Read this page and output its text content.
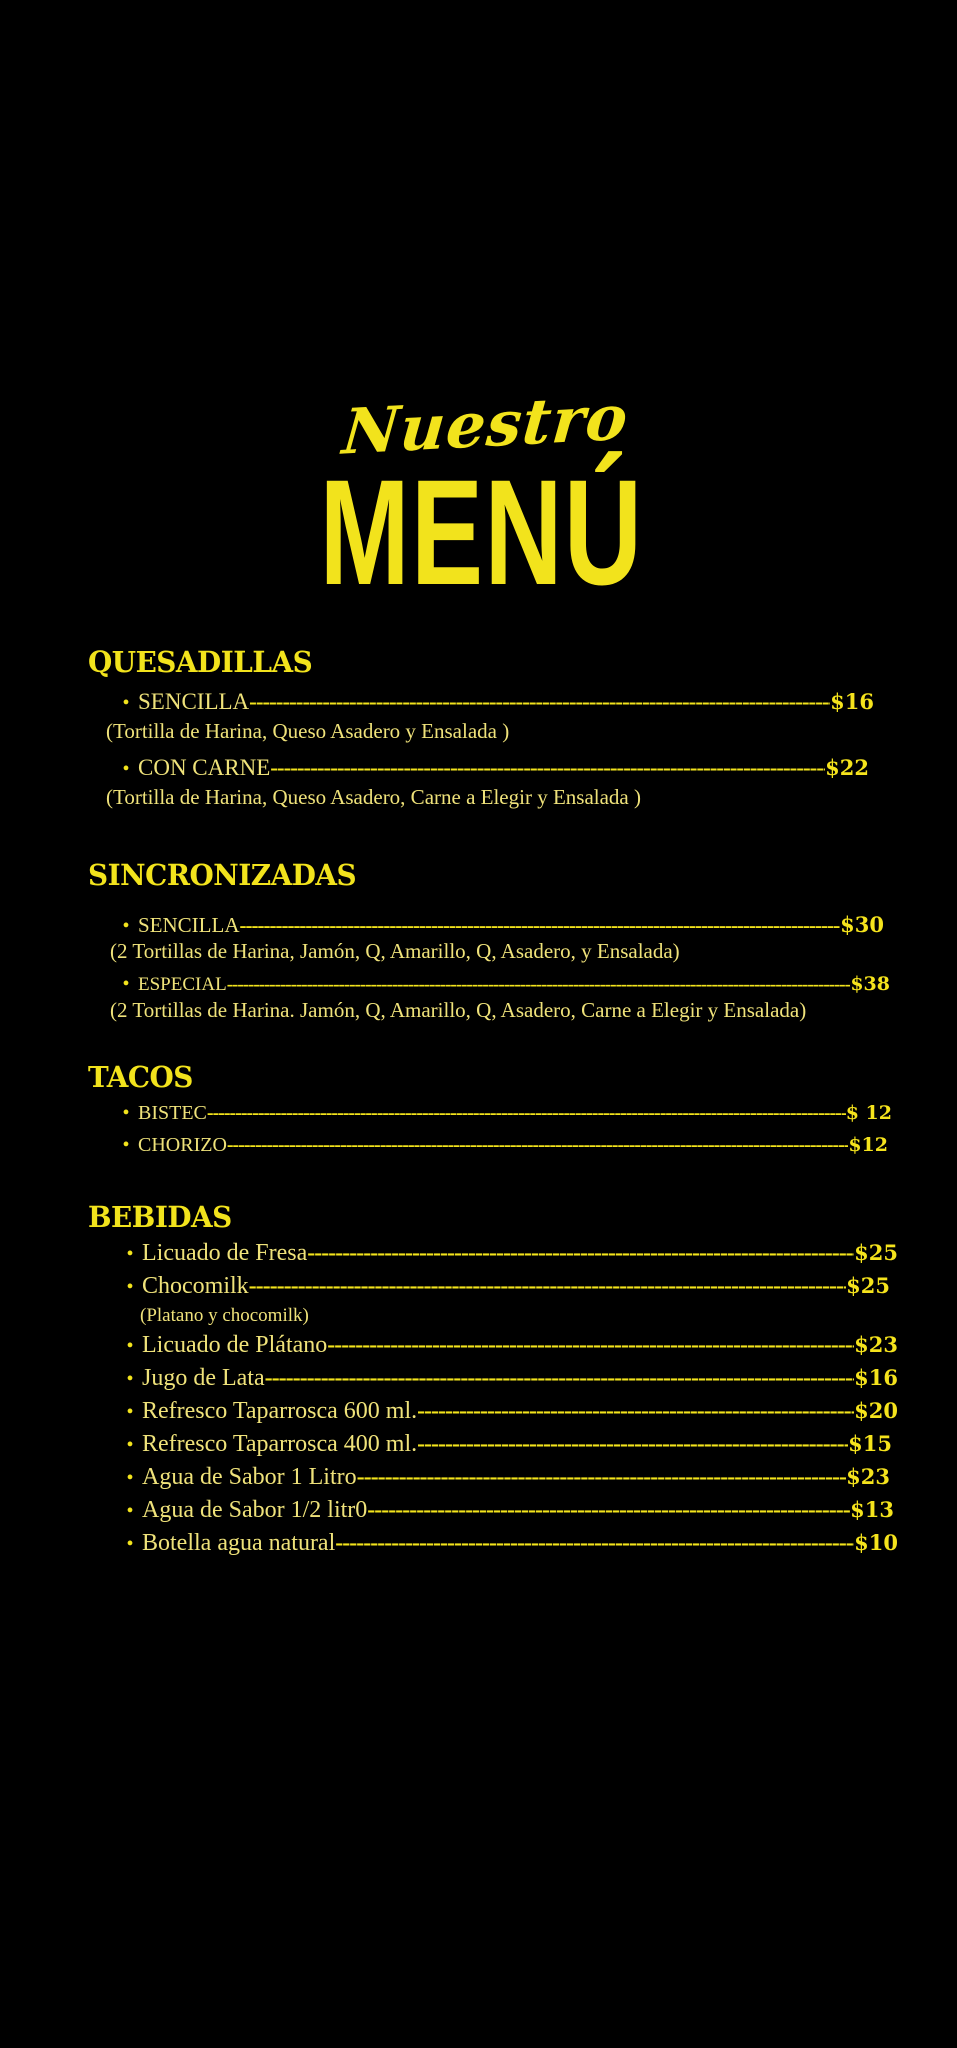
Nuestro
MENÚ
QUESADILLAS
• SENCILLA -----	$16
(Tortilla de Harina, Queso Asadero y Ensalada )
• CON CARNE -----	$22
(Tortilla de Harina, Queso Asadero, Carne a Elegir y Ensalada )
SINCRONIZADAS
• SENCILLA -----	$30
(2 Tortillas de Harina, Jamón, Q, Amarillo, Q, Asadero, y Ensalada)
• ESPECIAL -----	$38
(2 Tortillas de Harina. Jamón, Q, Amarillo, Q, Asadero, Carne a Elegir y Ensalada)
TACOS
• BISTEC -----	$ 12
• CHORIZO -----	$12
BEBIDAS
• Licuado de Fresa -----	$25
• Chocomilk -----	$25
(Platano y chocomilk)
• Licuado de Plátano -----	$23
• Jugo de Lata -----	$16
• Refresco Taparrosca 600 ml. -----	$20
• Refresco Taparrosca 400 ml. -----	$15
• Agua de Sabor 1 Litro -----	$23
• Agua de Sabor 1/2 litr0 -----	$13
• Botella agua natural -----	$10
